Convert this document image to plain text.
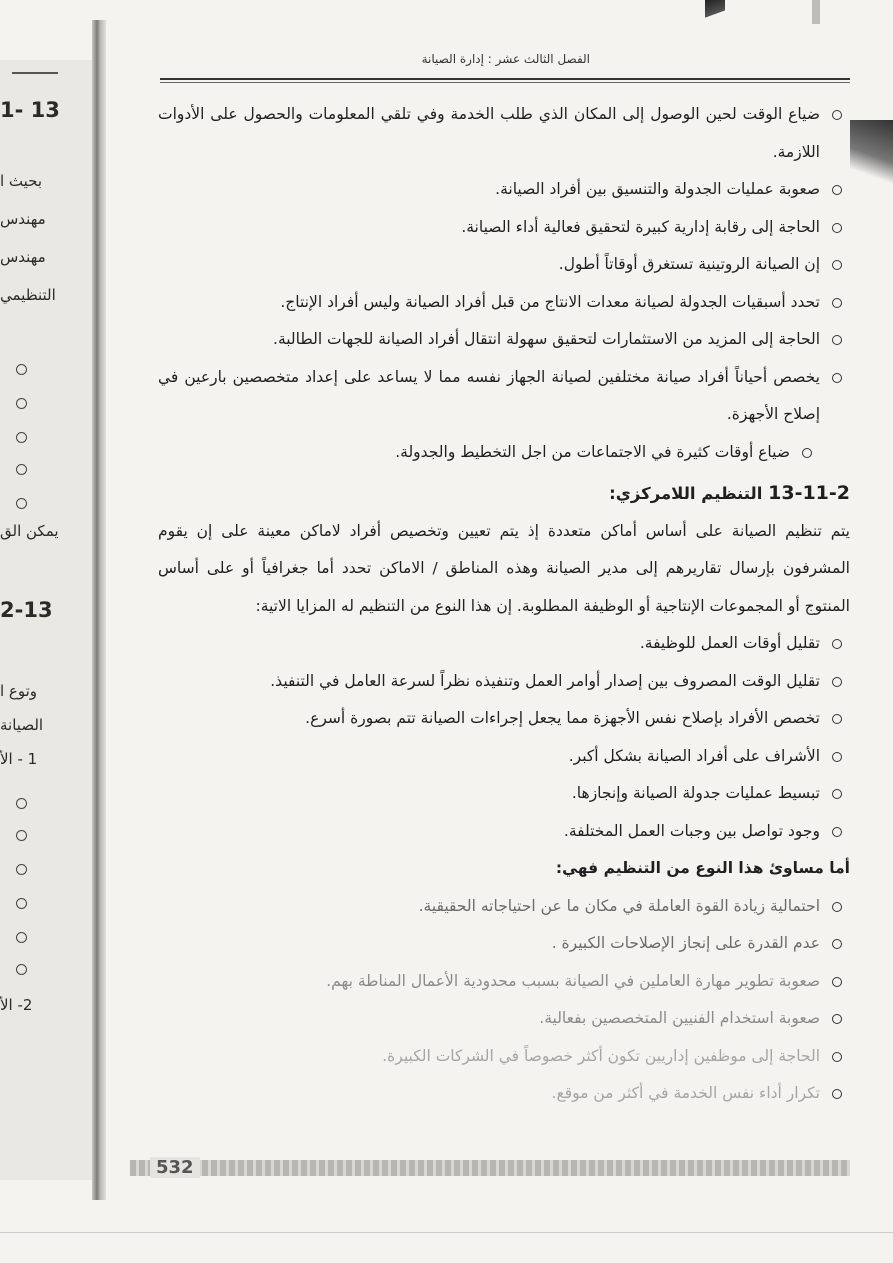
13 -1
بحيث ا
مهندس
مهندس
التنظيمي
يمكن الق
2-13
وتوع ا
الصيانة
1 - الأ
2- الأ
الفصل الثالث عشر : إدارة الصيانة
ضياع الوقت لحين الوصول إلى المكان الذي طلب الخدمة وفي تلقي المعلومات والحصول على الأدوات اللازمة.
صعوبة عمليات الجدولة والتنسيق بين أفراد الصيانة.
الحاجة إلى رقابة إدارية كبيرة لتحقيق فعالية أداء الصيانة.
إن الصيانة الروتينية تستغرق أوقاتاً أطول.
تحدد أسبقيات الجدولة لصيانة معدات الانتاج من قبل أفراد الصيانة وليس أفراد الإنتاج.
الحاجة إلى المزيد من الاستثمارات لتحقيق سهولة انتقال أفراد الصيانة للجهات الطالبة.
يخصص أحياناً أفراد صيانة مختلفين لصيانة الجهاز نفسه مما لا يساعد على إعداد متخصصين بارعين في إصلاح الأجهزة.
ضياع أوقات كثيرة في الاجتماعات من اجل التخطيط والجدولة.
13-11-2 التنظيم اللامركزي:
يتم تنظيم الصيانة على أساس أماكن متعددة إذ يتم تعيين وتخصيص أفراد لاماكن معينة على إن يقوم المشرفون بإرسال تقاريرهم إلى مدير الصيانة وهذه المناطق / الاماكن تحدد أما جغرافياً أو على أساس المنتوج أو المجموعات الإنتاجية أو الوظيفة المطلوبة. إن هذا النوع من التنظيم له المزايا الاتية:
تقليل أوقات العمل للوظيفة.
تقليل الوقت المصروف بين إصدار أوامر العمل وتنفيذه نظراً لسرعة العامل في التنفيذ.
تخصص الأفراد بإصلاح نفس الأجهزة مما يجعل إجراءات الصيانة تتم بصورة أسرع.
الأشراف على أفراد الصيانة بشكل أكبر.
تبسيط عمليات جدولة الصيانة وإنجازها.
وجود تواصل بين وجبات العمل المختلفة.
أما مساوئ هذا النوع من التنظيم فهي:
احتمالية زيادة القوة العاملة في مكان ما عن احتياجاته الحقيقية.
عدم القدرة على إنجاز الإصلاحات الكبيرة .
صعوبة تطوير مهارة العاملين في الصيانة بسبب محدودية الأعمال المناطة بهم.
صعوبة استخدام الفنيين المتخصصين بفعالية.
الحاجة إلى موظفين إداريين تكون أكثر خصوصاً في الشركات الكبيرة.
تكرار أداء نفس الخدمة في أكثر من موقع.
532
